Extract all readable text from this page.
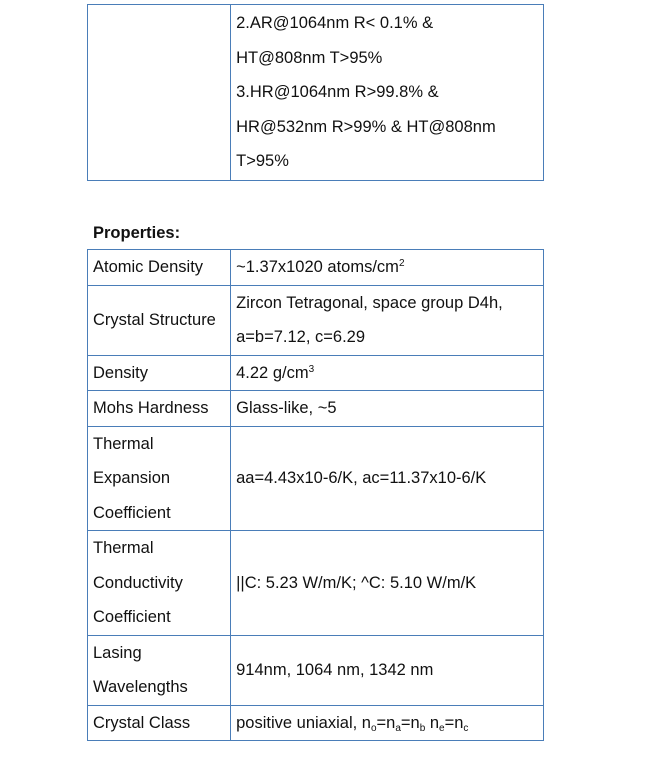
2.AR@1064nm R< 0.1% &
HT@808nm T>95%
3.HR@1064nm R>99.8% &
HR@532nm R>99% & HT@808nm
T>95%
Properties:
Atomic Density	~1.37x1020 atoms/$cm^2$

Crystal Structure	Zircon Tetragonal, space group D4h,
a=b=7.12, c=6.29

Density	4.22 $g/cm^3$

Mohs Hardness	Glass-like, ~5

Thermal
Expansion
Coefficient	aa=4.43x10-6/K, ac=11.37x10-6/K

Thermal
Conductivity
Coefficient	||C: 5.23 W/m/K; ^C: 5.10 W/m/K

Lasing
Wavelengths	914nm, 1064 nm, 1342 nm

Crystal Class	positive uniaxial, $n_o=n_a=n_b$ $n_e=n_c$
